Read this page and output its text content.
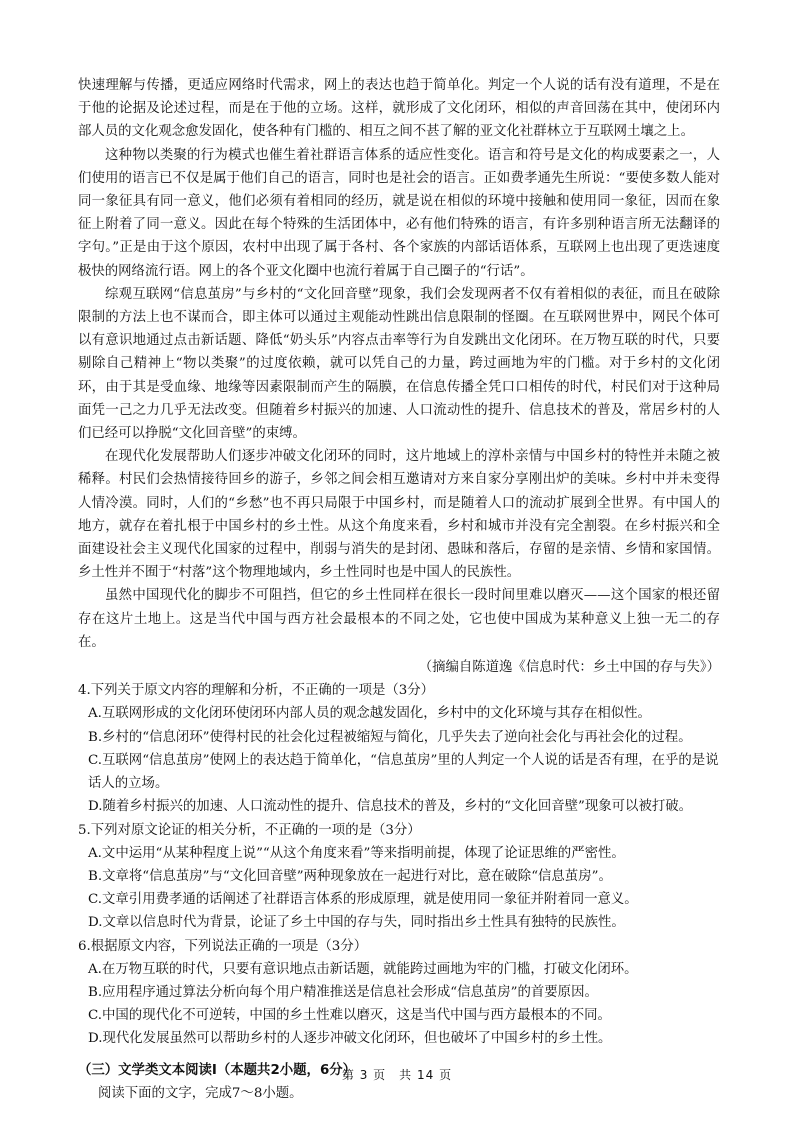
快速理解与传播，更适应网络时代需求，网上的表达也趋于简单化。判定一个人说的话有没有道理，不是在于他的论据及论述过程，而是在于他的立场。这样，就形成了文化闭环，相似的声音回荡在其中，使闭环内部人员的文化观念愈发固化，使各种有门槛的、相互之间不甚了解的亚文化社群林立于互联网土壤之上。

这种物以类聚的行为模式也催生着社群语言体系的适应性变化。语言和符号是文化的构成要素之一，人们使用的语言已不仅是属于他们自己的语言，同时也是社会的语言。正如费孝通先生所说：“要使多数人能对同一象征具有同一意义，他们必须有着相同的经历，就是说在相似的环境中接触和使用同一象征，因而在象征上附着了同一意义。因此在每个特殊的生活团体中，必有他们特殊的语言，有许多别种语言所无法翻译的字句。”正是由于这个原因，农村中出现了属于各村、各个家族的内部话语体系，互联网上也出现了更迭速度极快的网络流行语。网上的各个亚文化圈中也流行着属于自己圈子的“行话”。

综观互联网“信息茧房”与乡村的“文化回音壁”现象，我们会发现两者不仅有着相似的表征，而且在破除限制的方法上也不谋而合，即主体可以通过主观能动性跳出信息限制的怪圈。在互联网世界中，网民个体可以有意识地通过点击新话题、降低“奶头乐”内容点击率等行为自发跳出文化闭环。在万物互联的时代，只要剔除自己精神上“物以类聚”的过度依赖，就可以凭自己的力量，跨过画地为牢的门槛。对于乡村的文化闭环，由于其是受血缘、地缘等因素限制而产生的隔膜，在信息传播全凭口口相传的时代，村民们对于这种局面凭一己之力几乎无法改变。但随着乡村振兴的加速、人口流动性的提升、信息技术的普及，常居乡村的人们已经可以挣脱“文化回音壁”的束缚。

在现代化发展帮助人们逐步冲破文化闭环的同时，这片地域上的淳朴亲情与中国乡村的特性并未随之被稀释。村民们会热情接待回乡的游子，乡邻之间会相互邀请对方来自家分享刚出炉的美味。乡村中并未变得人情冷漠。同时，人们的“乡愁”也不再只局限于中国乡村，而是随着人口的流动扩展到全世界。有中国人的地方，就存在着扎根于中国乡村的乡土性。从这个角度来看，乡村和城市并没有完全割裂。在乡村振兴和全面建设社会主义现代化国家的过程中，削弱与消失的是封闭、愚昧和落后，存留的是亲情、乡情和家国情。乡土性并不囿于“村落”这个物理地域内，乡土性同时也是中国人的民族性。

虽然中国现代化的脚步不可阻挡，但它的乡土性同样在很长一段时间里难以磨灭——这个国家的根还留存在这片土地上。这是当代中国与西方社会最根本的不同之处，它也使中国成为某种意义上独一无二的存在。

（摘编自陈道逸《信息时代：乡土中国的存与失》）

4.下列关于原文内容的理解和分析，不正确的一项是（3分）

A.互联网形成的文化闭环使闭环内部人员的观念越发固化，乡村中的文化环境与其存在相似性。

B.乡村的“信息闭环”使得村民的社会化过程被缩短与简化，几乎失去了逆向社会化与再社会化的过程。

C.互联网“信息茧房”使网上的表达趋于简单化，“信息茧房”里的人判定一个人说的话是否有理，在乎的是说话人的立场。

D.随着乡村振兴的加速、人口流动性的提升、信息技术的普及，乡村的“文化回音壁”现象可以被打破。

5.下列对原文论证的相关分析，不正确的一项的是（3分）

A.文中运用“从某种程度上说”“从这个角度来看”等来指明前提，体现了论证思维的严密性。

B.文章将“信息茧房”与“文化回音壁”两种现象放在一起进行对比，意在破除“信息茧房”。

C.文章引用费孝通的话阐述了社群语言体系的形成原理，就是使用同一象征并附着同一意义。

D.文章以信息时代为背景，论证了乡土中国的存与失，同时指出乡土性具有独特的民族性。

6.根据原文内容，下列说法正确的一项是（3分）

A.在万物互联的时代，只要有意识地点击新话题，就能跨过画地为牢的门槛，打破文化闭环。

B.应用程序通过算法分析向每个用户精准推送是信息社会形成“信息茧房”的首要原因。

C.中国的现代化不可逆转，中国的乡土性难以磨灭，这是当代中国与西方最根本的不同。

D.现代化发展虽然可以帮助乡村的人逐步冲破文化闭环，但也破坏了中国乡村的乡土性。

（三）文学类文本阅读Ⅰ（本题共2小题，6分）

阅读下面的文字，完成7～8小题。

第 3 页　共 14 页
